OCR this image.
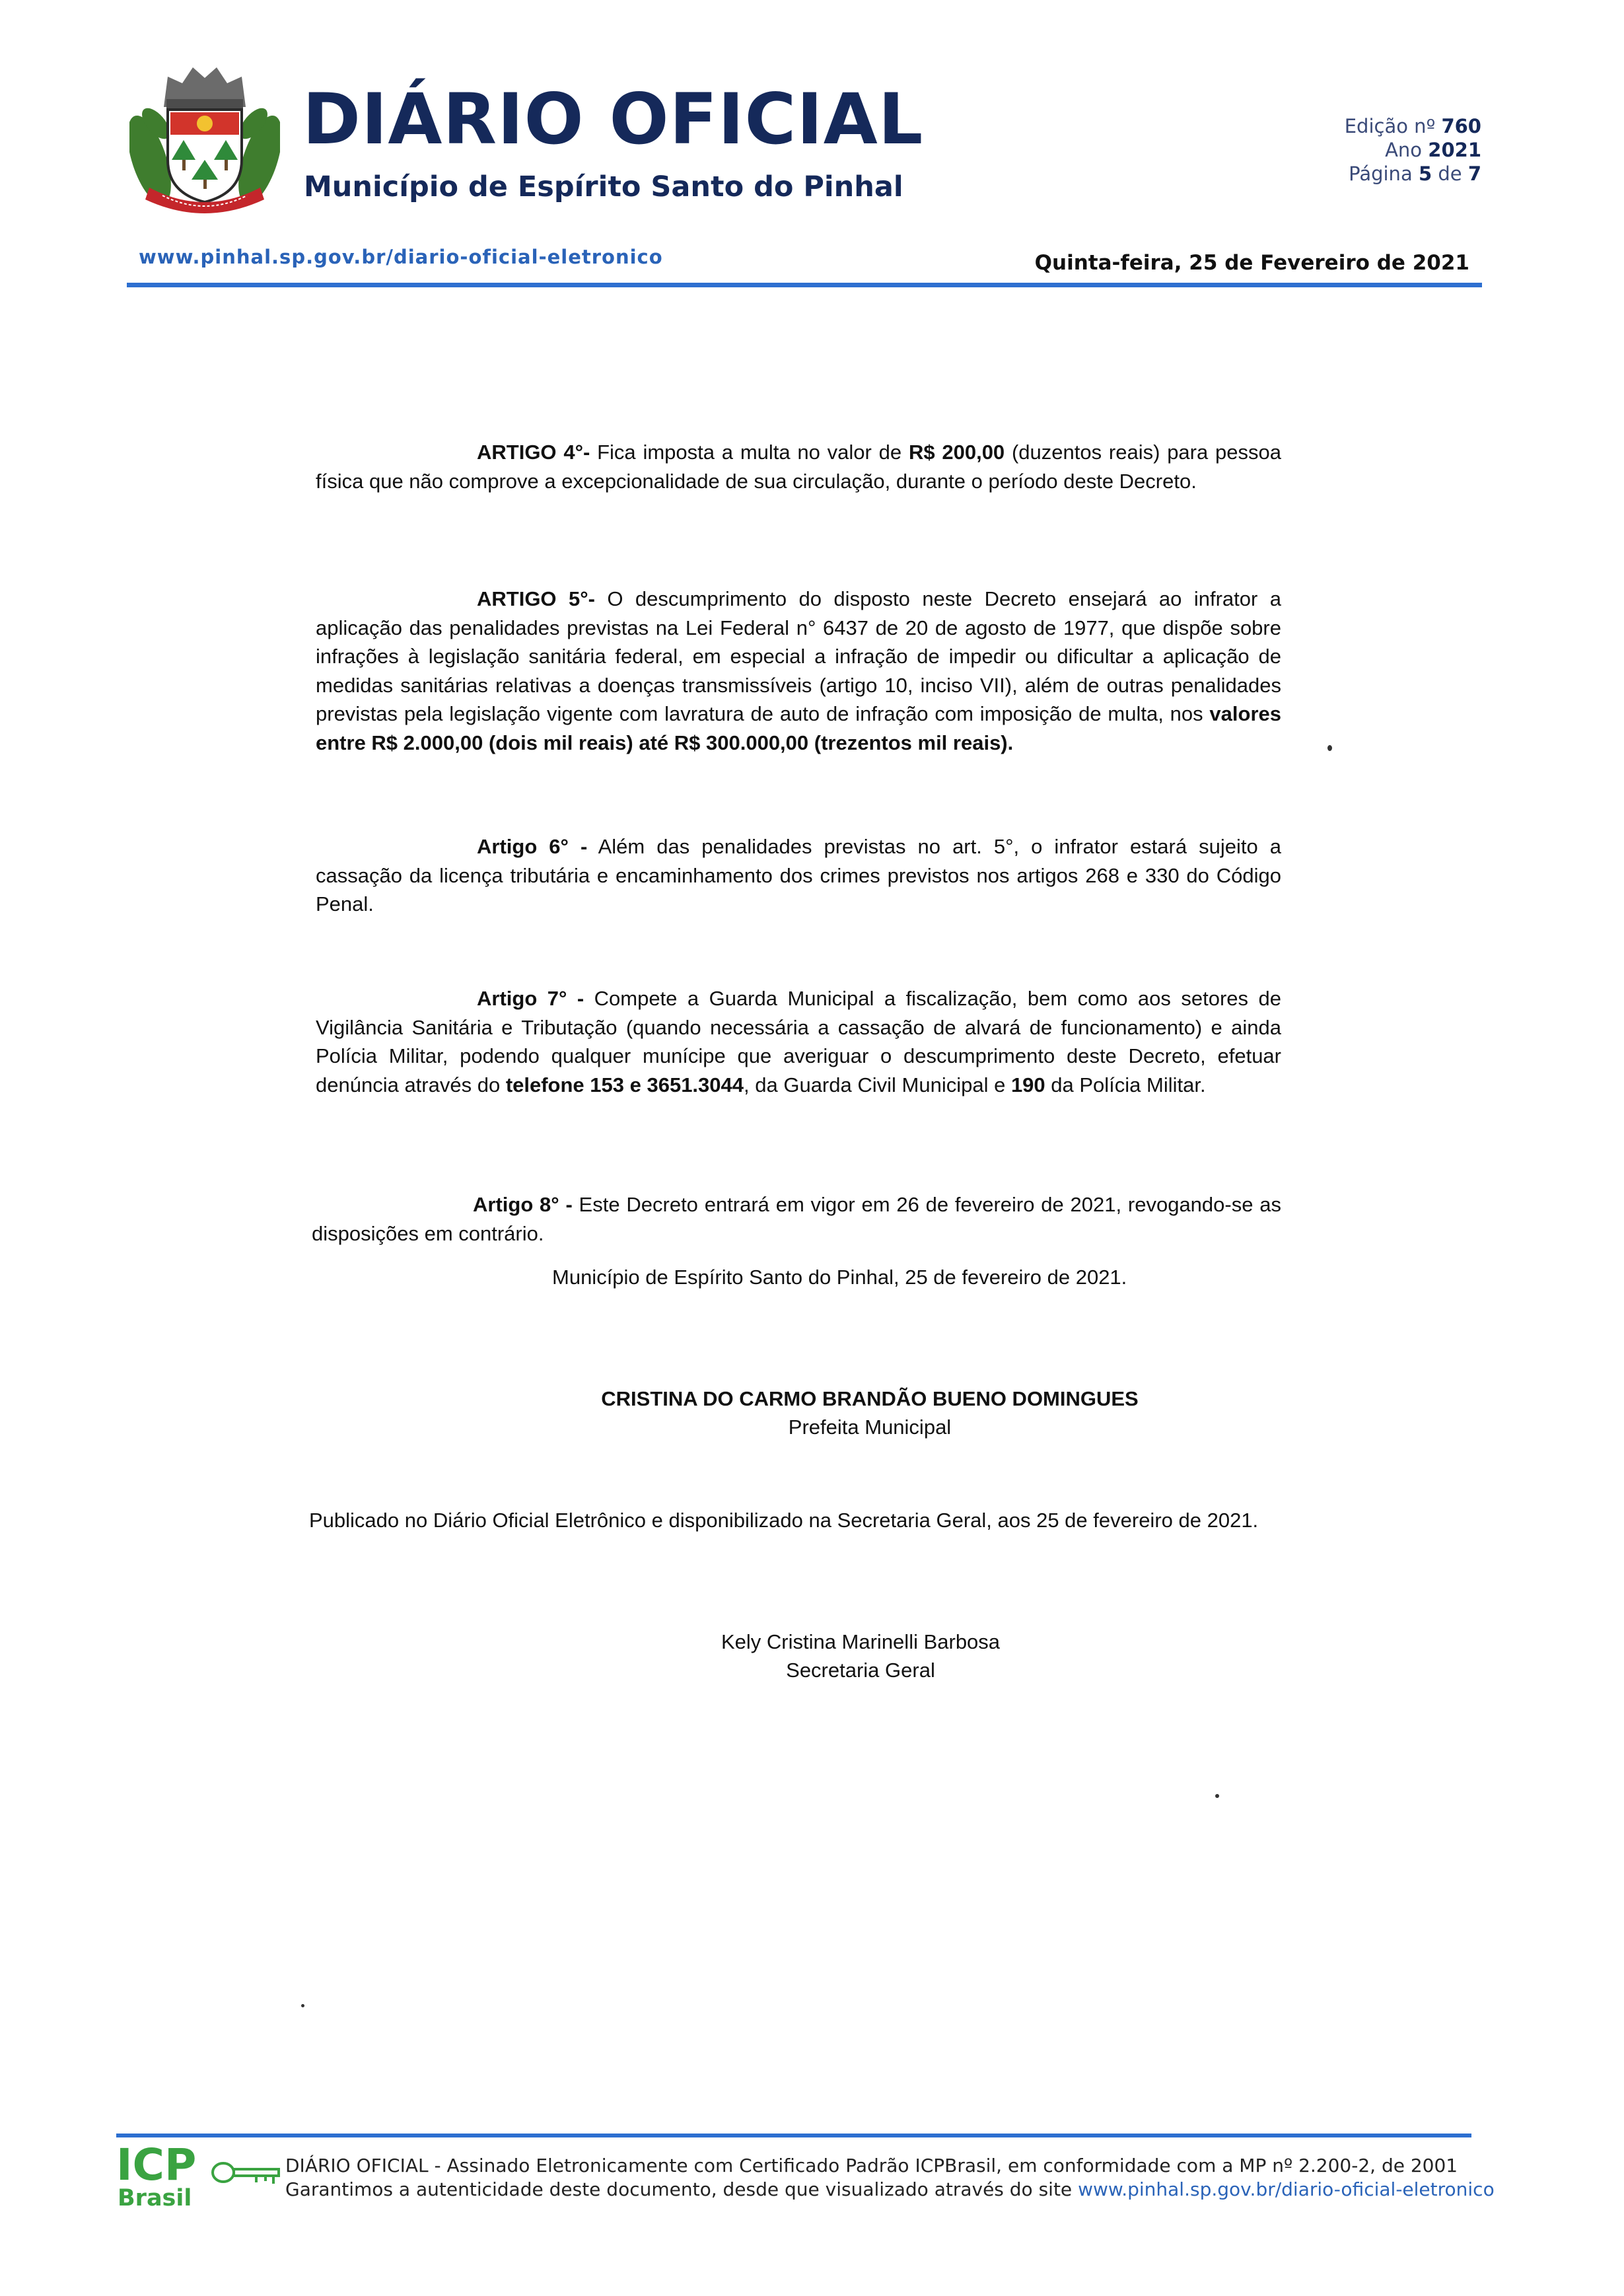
DIÁRIO OFICIAL
Município de Espírito Santo do Pinhal
Edição nº 760
Ano 2021
Página 5 de 7
www.pinhal.sp.gov.br/diario-oficial-eletronico	Quinta-feira, 25 de Fevereiro de 2021
ARTIGO 4°- Fica imposta a multa no valor de R$ 200,00 (duzentos reais) para pessoa física que não comprove a excepcionalidade de sua circulação, durante o período deste Decreto.
ARTIGO 5°- O descumprimento do disposto neste Decreto ensejará ao infrator a aplicação das penalidades previstas na Lei Federal n° 6437 de 20 de agosto de 1977, que dispõe sobre infrações à legislação sanitária federal, em especial a infração de impedir ou dificultar a aplicação de medidas sanitárias relativas a doenças transmissíveis (artigo 10, inciso VII), além de outras penalidades previstas pela legislação vigente com lavratura de auto de infração com imposição de multa, nos valores entre R$ 2.000,00 (dois mil reais) até R$ 300.000,00 (trezentos mil reais).
Artigo 6° - Além das penalidades previstas no art. 5°, o infrator estará sujeito a cassação da licença tributária e encaminhamento dos crimes previstos nos artigos 268 e 330 do Código Penal.
Artigo 7° - Compete a Guarda Municipal a fiscalização, bem como aos setores de Vigilância Sanitária e Tributação (quando necessária a cassação de alvará de funcionamento) e ainda Polícia Militar, podendo qualquer munícipe que averiguar o descumprimento deste Decreto, efetuar denúncia através do telefone 153 e 3651.3044, da Guarda Civil Municipal e 190 da Polícia Militar.
Artigo 8° - Este Decreto entrará em vigor em 26 de fevereiro de 2021, revogando-se as disposições em contrário.
Município de Espírito Santo do Pinhal, 25 de fevereiro de 2021.
CRISTINA DO CARMO BRANDÃO BUENO DOMINGUES
Prefeita Municipal
Publicado no Diário Oficial Eletrônico e disponibilizado na Secretaria Geral, aos 25 de fevereiro de 2021.
Kely Cristina Marinelli Barbosa
Secretaria Geral
ICP
Brasil
DIÁRIO OFICIAL - Assinado Eletronicamente com Certificado Padrão ICPBrasil, em conformidade com a MP nº 2.200-2, de 2001
Garantimos a autenticidade deste documento, desde que visualizado através do site www.pinhal.sp.gov.br/diario-oficial-eletronico
